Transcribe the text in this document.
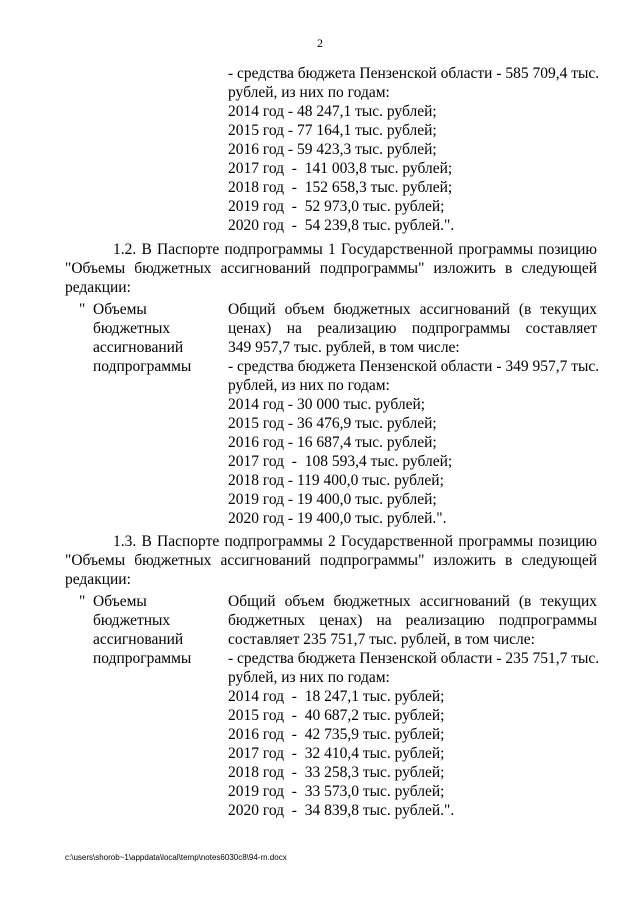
2
- средства бюджета Пензенской области - 585 709,4 тыс.
рублей, из них по годам:
2014 год - 48 247,1 тыс. рублей;
2015 год - 77 164,1 тыс. рублей;
2016 год - 59 423,3 тыс. рублей;
2017 год  -  141 003,8 тыс. рублей;
2018 год  -  152 658,3 тыс. рублей;
2019 год  -  52 973,0 тыс. рублей;
2020 год  -  54 239,8 тыс. рублей.".
1.2. В Паспорте подпрограммы 1 Государственной программы позицию
"Объемы бюджетных ассигнований подпрограммы" изложить в следующей
редакции:
" Объемы
бюджетных
ассигнований
подпрограммы
Общий объем бюджетных ассигнований (в текущих
ценах) на реализацию подпрограммы составляет
349 957,7 тыс. рублей, в том числе:
- средства бюджета Пензенской области - 349 957,7 тыс.
рублей, из них по годам:
2014 год - 30 000 тыс. рублей;
2015 год - 36 476,9 тыс. рублей;
2016 год - 16 687,4 тыс. рублей;
2017 год  -  108 593,4 тыс. рублей;
2018 год - 119 400,0 тыс. рублей;
2019 год - 19 400,0 тыс. рублей;
2020 год - 19 400,0 тыс. рублей.".
1.3. В Паспорте подпрограммы 2 Государственной программы позицию
"Объемы бюджетных ассигнований подпрограммы" изложить в следующей
редакции:
" Объемы
бюджетных
ассигнований
подпрограммы
Общий объем бюджетных ассигнований (в текущих
бюджетных ценах) на реализацию подпрограммы
составляет 235 751,7 тыс. рублей, в том числе:
- средства бюджета Пензенской области - 235 751,7 тыс.
рублей, из них по годам:
2014 год  -  18 247,1 тыс. рублей;
2015 год  -  40 687,2 тыс. рублей;
2016 год  -  42 735,9 тыс. рублей;
2017 год  -  32 410,4 тыс. рублей;
2018 год  -  33 258,3 тыс. рублей;
2019 год  -  33 573,0 тыс. рублей;
2020 год  -  34 839,8 тыс. рублей.".
c:\users\shorob~1\appdata\local\temp\notes6030c8\94-rn.docx
